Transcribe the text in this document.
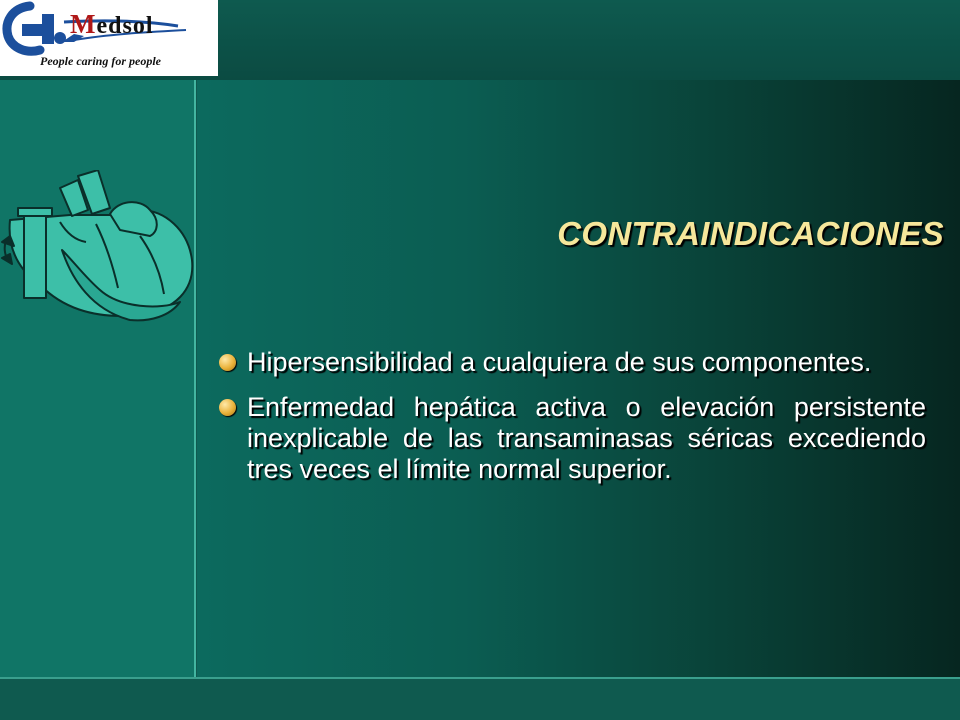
Medsol
People caring for people
CONTRAINDICACIONES
Hipersensibilidad a cualquiera de sus componentes.
Enfermedad hepática activa o elevación persistente inexplicable de las transaminasas séricas excediendo tres veces el límite normal superior.
